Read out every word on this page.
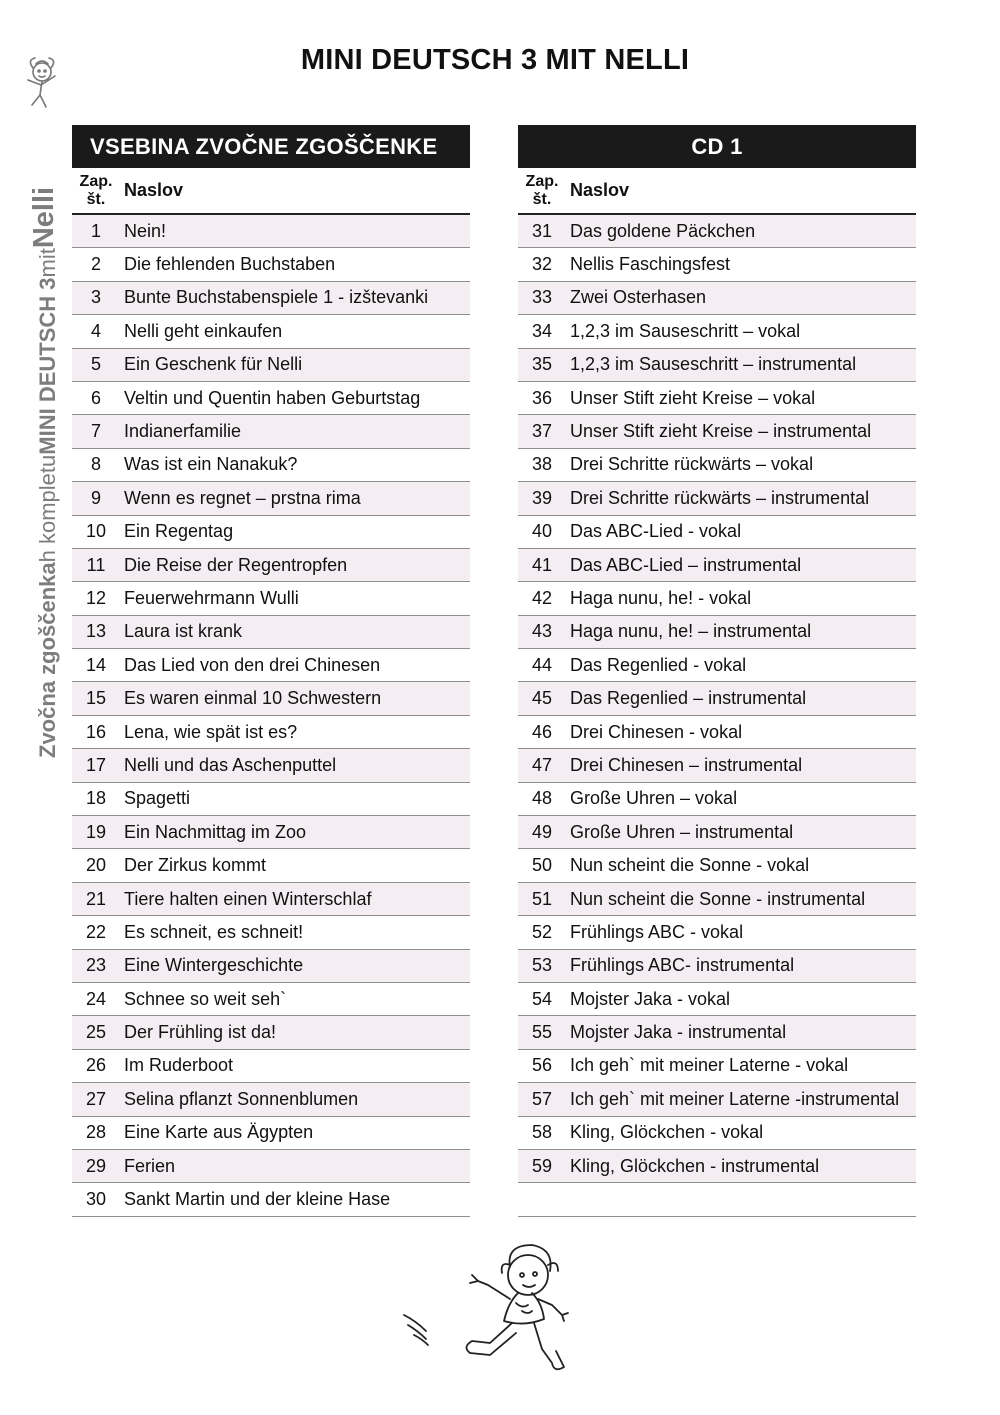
MINI DEUTSCH 3 MIT NELLI
Zvočna zgoščenka
h kompletu
MINI DEUTSCH 3
mit
Nelli
VSEBINA ZVOČNE ZGOŠČENKE
Zap.
št.	Naslov
1	Nein!
2	Die fehlenden Buchstaben
3	Bunte Buchstabenspiele 1 - izštevanki
4	Nelli geht einkaufen
5	Ein Geschenk für Nelli
6	Veltin und Quentin haben Geburtstag
7	Indianerfamilie
8	Was ist ein Nanakuk?
9	Wenn es regnet – prstna rima
10 Ein Regentag
11	Die Reise der Regentropfen
12 Feuerwehrmann Wulli
13 Laura ist krank
14 Das Lied von den drei Chinesen
15 Es waren einmal 10 Schwestern
16 Lena, wie spät ist es?
17 Nelli und das Aschenputtel
18 Spagetti
19 Ein Nachmittag im Zoo
20 Der Zirkus kommt
21 Tiere halten einen Winterschlaf
22 Es schneit, es schneit!
23 Eine Wintergeschichte
24 Schnee so weit seh`
25 Der Frühling ist da!
26 Im Ruderboot
27 Selina pflanzt Sonnenblumen
28 Eine Karte aus Ägypten
29 Ferien
30 Sankt Martin und der kleine Hase
CD 1
Zap.
št.	Naslov
31 Das goldene Päckchen
32 Nellis Faschingsfest
33 Zwei Osterhasen
34 1,2,3 im Sauseschritt – vokal
35 1,2,3 im Sauseschritt – instrumental
36 Unser Stift zieht Kreise – vokal
37 Unser Stift zieht Kreise – instrumental
38 Drei Schritte rückwärts – vokal
39 Drei Schritte rückwärts – instrumental
40 Das ABC-Lied - vokal
41 Das ABC-Lied – instrumental
42 Haga nunu, he! - vokal
43 Haga nunu, he! – instrumental
44 Das Regenlied - vokal
45 Das Regenlied – instrumental
46 Drei Chinesen - vokal
47 Drei Chinesen – instrumental
48 Große Uhren – vokal
49 Große Uhren – instrumental
50 Nun scheint die Sonne - vokal
51 Nun scheint die Sonne - instrumental
52 Frühlings ABC - vokal
53 Frühlings ABC- instrumental
54 Mojster Jaka - vokal
55 Mojster Jaka - instrumental
56 Ich geh` mit meiner Laterne - vokal
57 Ich geh` mit meiner Laterne -instrumental
58 Kling, Glöckchen - vokal
59 Kling, Glöckchen - instrumental
